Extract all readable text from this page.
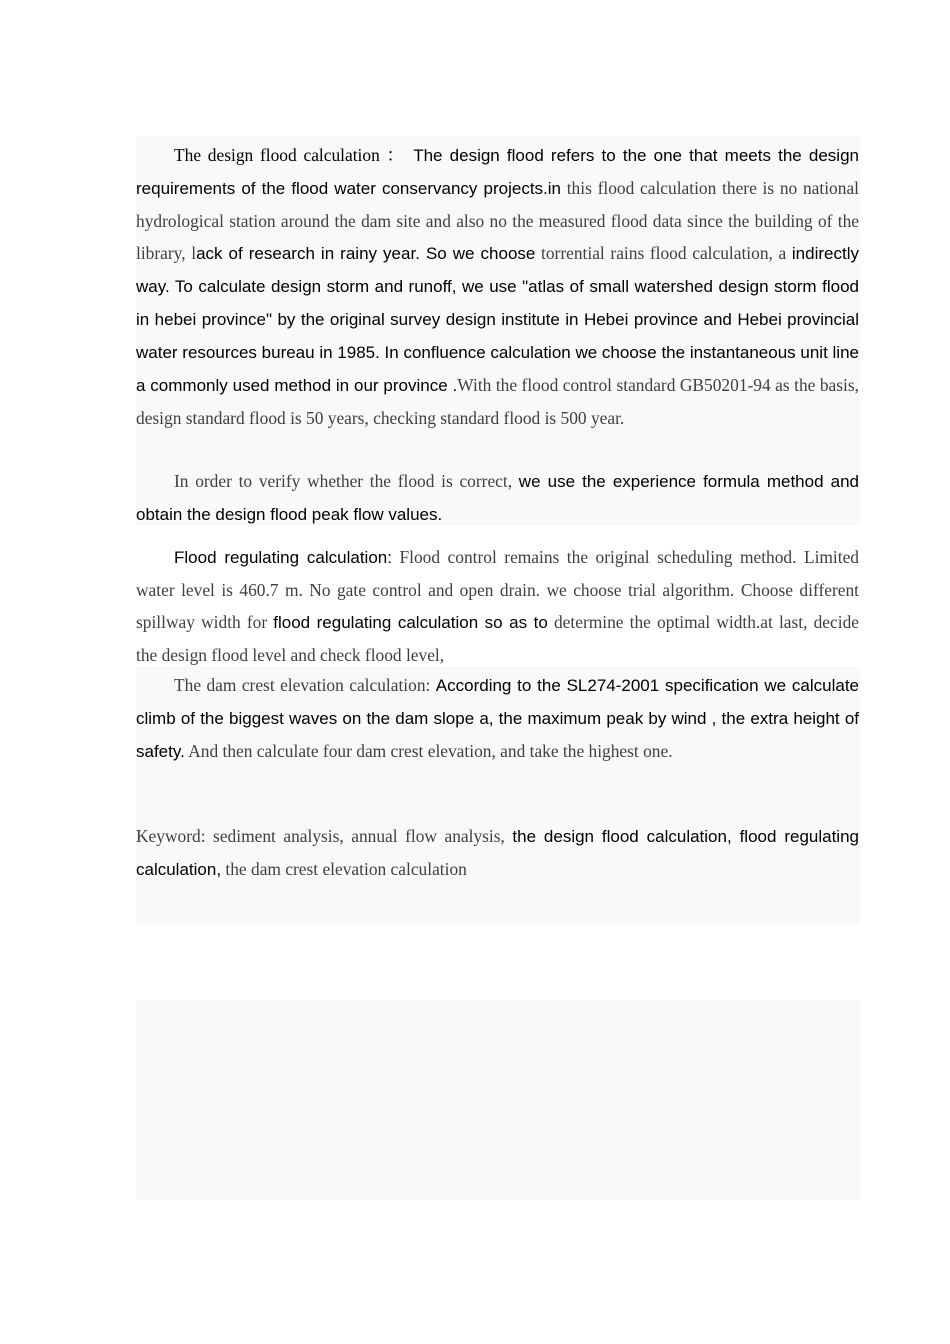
The design flood calculation ： The design flood refers to the one that meets the design requirements of the flood water conservancy projects.in this flood calculation there is no national hydrological station around the dam site and also no the measured flood data since the building of the library, lack of research in rainy year. So we choose torrential rains flood calculation, a indirectly way. To calculate design storm and runoff, we use "atlas of small watershed design storm flood in hebei province" by the original survey design institute in Hebei province and Hebei provincial water resources bureau in 1985. In confluence calculation we choose the instantaneous unit line a commonly used method in our province .With the flood control standard GB50201-94 as the basis, design standard flood is 50 years, checking standard flood is 500 year.

In order to verify whether the flood is correct, we use the experience formula method and obtain the design flood peak flow values.

Flood regulating calculation: Flood control remains the original scheduling method. Limited water level is 460.7 m. No gate control and open drain. we choose trial algorithm. Choose different spillway width for flood regulating calculation so as to determine the optimal width.at last, decide the design flood level and check flood level,

The dam crest elevation calculation: According to the SL274-2001 specification we calculate climb of the biggest waves on the dam slope a, the maximum peak by wind , the extra height of safety. And then calculate four dam crest elevation, and take the highest one.

Keyword: sediment analysis, annual flow analysis, the design flood calculation, flood regulating calculation, the dam crest elevation calculation
